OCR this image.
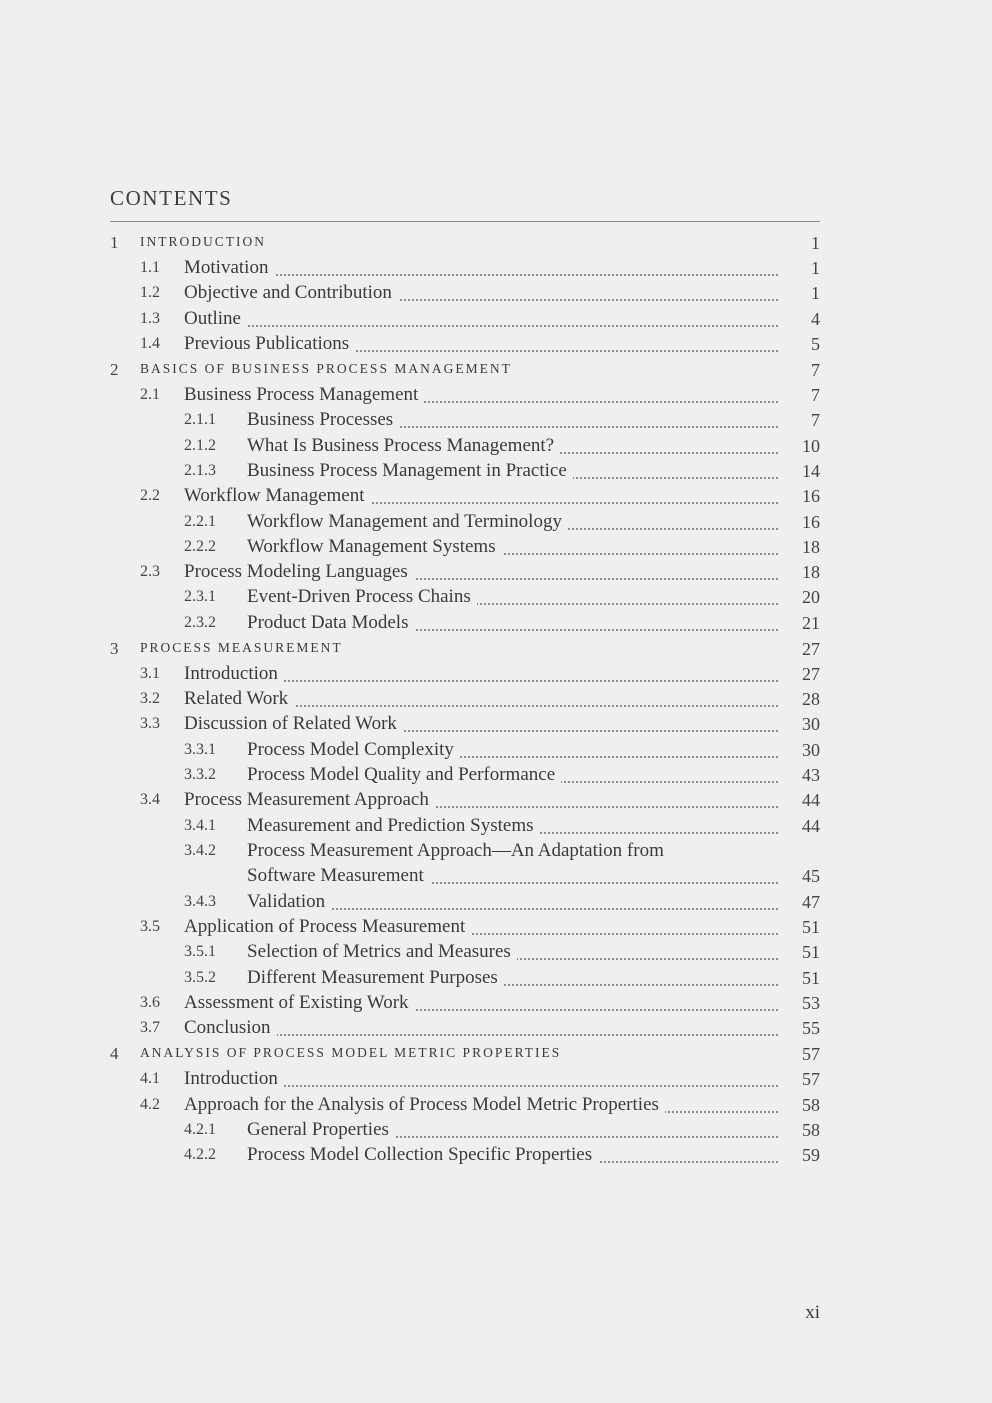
CONTENTS
1 INTRODUCTION	1
1.1 Motivation	1
1.2 Objective and Contribution	1
1.3 Outline	4
1.4 Previous Publications	5
2 BASICS OF BUSINESS PROCESS MANAGEMENT	7
2.1 Business Process Management	7
2.1.1 Business Processes	7
2.1.2 What Is Business Process Management?	10
2.1.3 Business Process Management in Practice	14
2.2 Workflow Management	16
2.2.1 Workflow Management and Terminology	16
2.2.2 Workflow Management Systems	18
2.3 Process Modeling Languages	18
2.3.1 Event-Driven Process Chains	20
2.3.2 Product Data Models	21
3 PROCESS MEASUREMENT	27
3.1 Introduction	27
3.2 Related Work	28
3.3 Discussion of Related Work	30
3.3.1 Process Model Complexity	30
3.3.2 Process Model Quality and Performance	43
3.4 Process Measurement Approach	44
3.4.1 Measurement and Prediction Systems	44
3.4.2 Process Measurement Approach—An Adaptation from
Software Measurement	45
3.4.3 Validation	47
3.5 Application of Process Measurement	51
3.5.1 Selection of Metrics and Measures	51
3.5.2 Different Measurement Purposes	51
3.6 Assessment of Existing Work	53
3.7 Conclusion	55
4 ANALYSIS OF PROCESS MODEL METRIC PROPERTIES	57
4.1 Introduction	57
4.2 Approach for the Analysis of Process Model Metric Properties	58
4.2.1 General Properties	58
4.2.2 Process Model Collection Specific Properties	59
xi
